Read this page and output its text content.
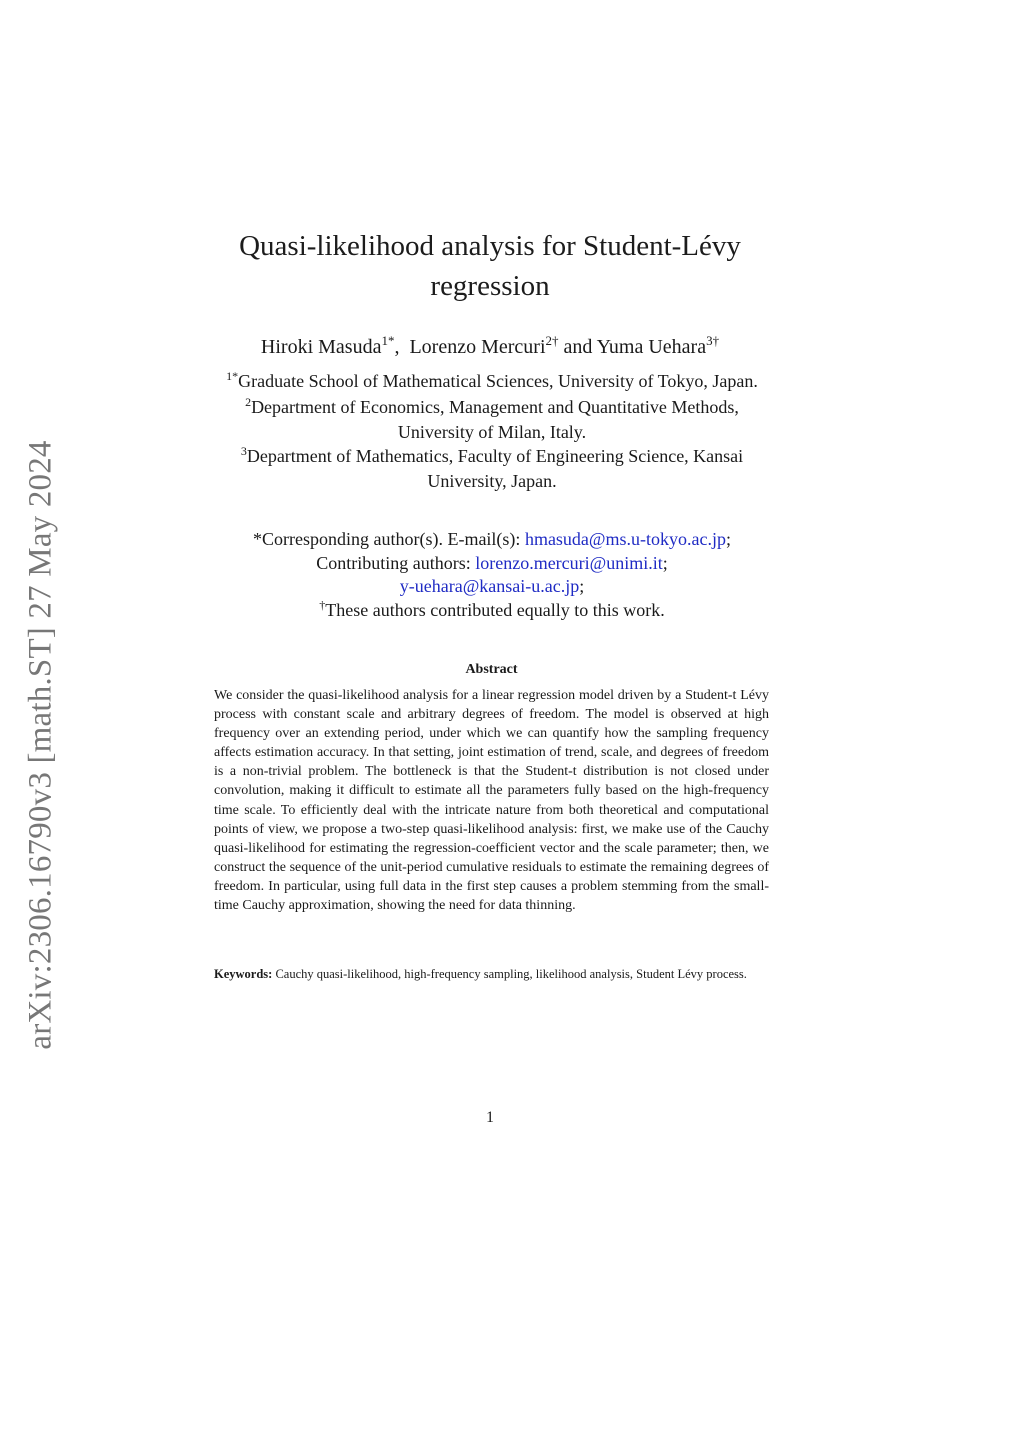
arXiv:2306.16790v3 [math.ST] 27 May 2024
Quasi-likelihood analysis for Student-Lévy
regression
Hiroki Masuda$^{1*}$, Lorenzo Mercuri$^{2\dagger}$ and Yuma Uehara$^{3\dagger}$
$^{1*}$Graduate School of Mathematical Sciences, University of Tokyo, Japan.
$^2$Department of Economics, Management and Quantitative Methods,
University of Milan, Italy.
$^3$Department of Mathematics, Faculty of Engineering Science, Kansai
University, Japan.
*Corresponding author(s). E-mail(s): hmasuda@ms.u-tokyo.ac.jp;
Contributing authors: lorenzo.mercuri@unimi.it;
y-uehara@kansai-u.ac.jp;
†These authors contributed equally to this work.
Abstract

We consider the quasi-likelihood analysis for a linear regression model driven by a Student-t Lévy process with constant scale and arbitrary degrees of freedom. The model is observed at high frequency over an extending period, under which we can quantify how the sampling frequency affects estimation accuracy. In that setting, joint estimation of trend, scale, and degrees of freedom is a non-trivial problem. The bottleneck is that the Student-t distribution is not closed under convolution, making it difficult to estimate all the parameters fully based on the high-frequency time scale. To efficiently deal with the intricate nature from both theoretical and computational points of view, we propose a two-step quasi-likelihood analysis: first, we make use of the Cauchy quasi-likelihood for estimating the regression-coefficient vector and the scale parameter; then, we construct the sequence of the unit-period cumulative residuals to estimate the remaining degrees of freedom. In particular, using full data in the first step causes a problem stemming from the small-time Cauchy approximation, showing the need for data thinning.

Keywords: Cauchy quasi-likelihood, high-frequency sampling, likelihood analysis, Student Lévy process.

1
